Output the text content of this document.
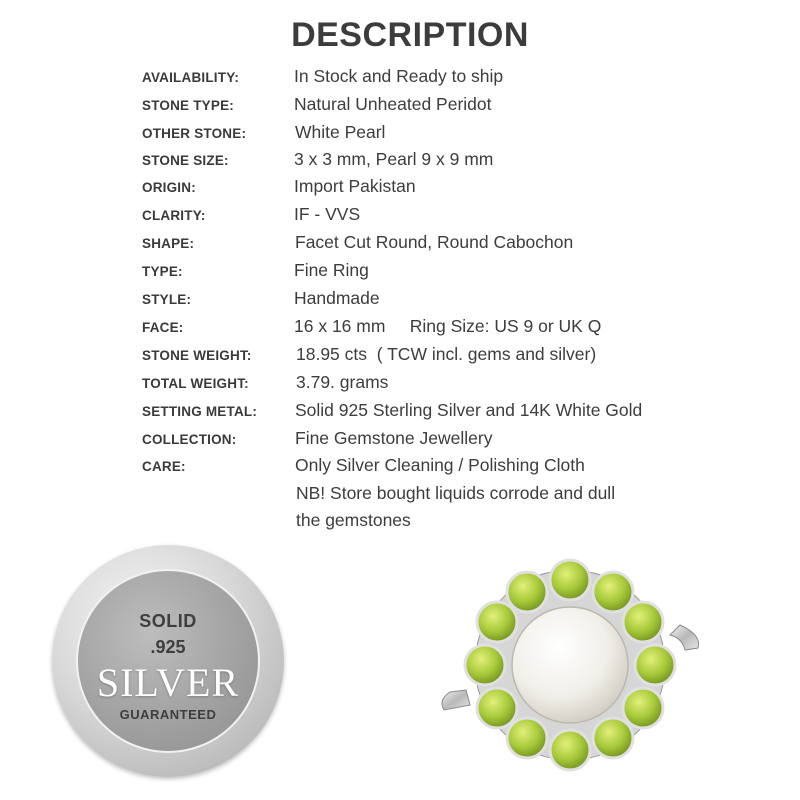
DESCRIPTION
AVAILABILITY:	In Stock and Ready to ship
STONE TYPE:	Natural Unheated Peridot
OTHER STONE:	White Pearl
STONE SIZE:	3 x 3 mm, Pearl 9 x 9 mm
ORIGIN:	Import Pakistan
CLARITY:	IF - VVS
SHAPE:	Facet Cut Round, Round Cabochon
TYPE:	Fine Ring
STYLE:	Handmade
FACE:	16 x 16 mm     Ring Size: US 9 or UK Q
STONE WEIGHT:	18.95 cts  ( TCW incl. gems and silver)
TOTAL WEIGHT:	3.79. grams
SETTING METAL: Solid 925 Sterling Silver and 14K White Gold
COLLECTION:	Fine Gemstone Jewellery
CARE:	Only Silver Cleaning / Polishing Cloth
NB! Store bought liquids corrode and dull
the gemstones
SOLID
.925
SILVER
GUARANTEED
